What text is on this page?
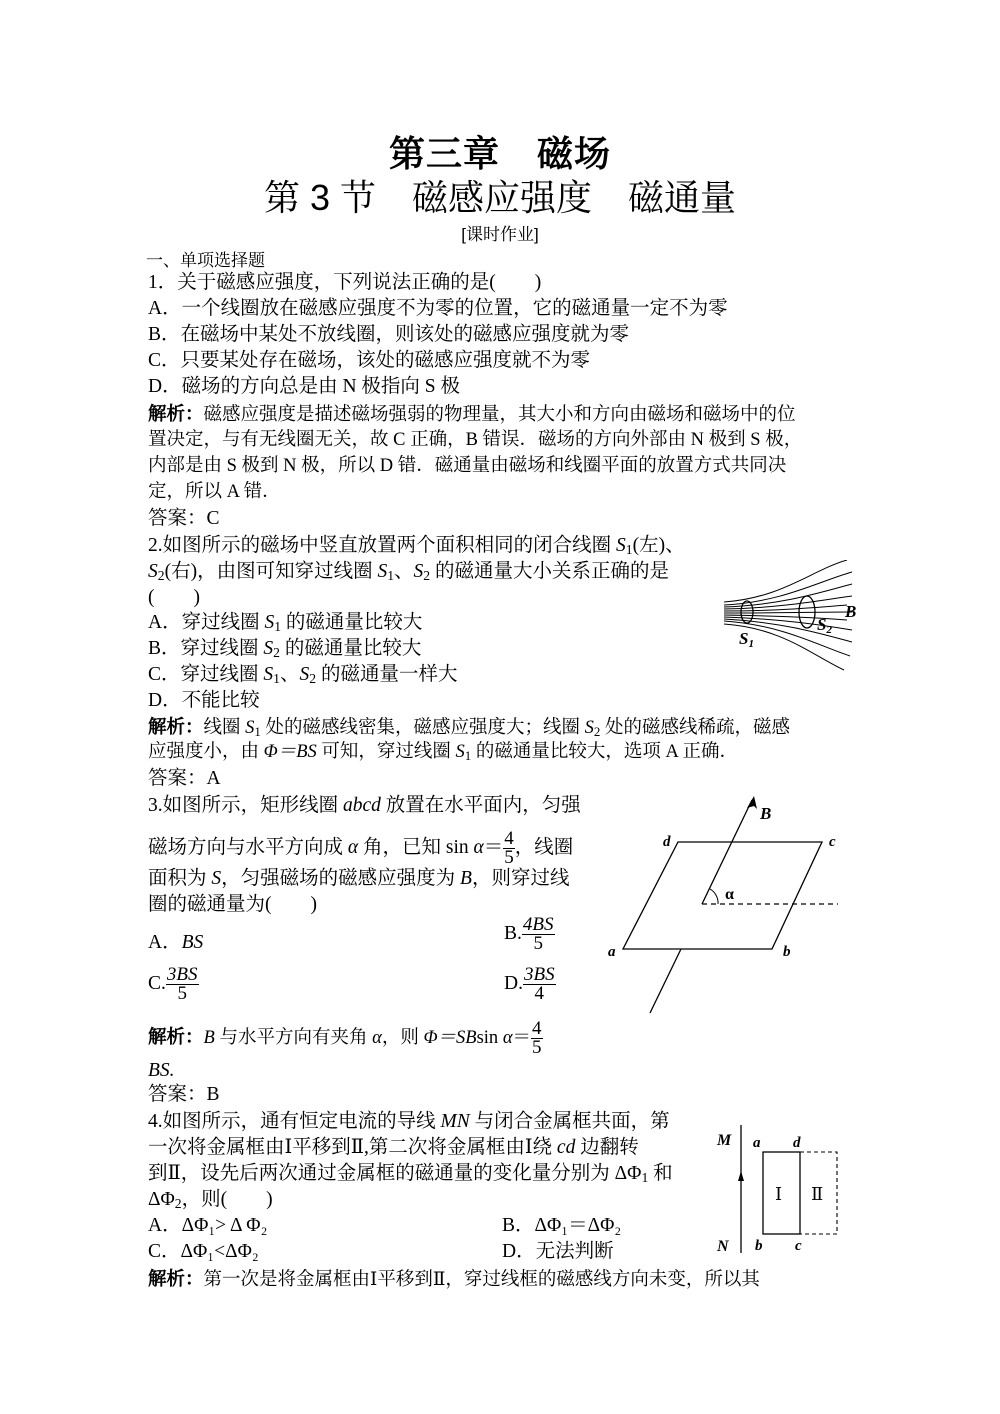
第三章　磁场
第 3 节　磁感应强度　磁通量
[课时作业]
一、单项选择题
1．关于磁感应强度，下列说法正确的是(　　)
A．一个线圈放在磁感应强度不为零的位置，它的磁通量一定不为零
B．在磁场中某处不放线圈，则该处的磁感应强度就为零
C．只要某处存在磁场，该处的磁感应强度就不为零
D．磁场的方向总是由 N 极指向 S 极
解析：磁感应强度是描述磁场强弱的物理量，其大小和方向由磁场和磁场中的位
置决定，与有无线圈无关，故 C 正确，B 错误．磁场的方向外部由 N 极到 S 极，
内部是由 S 极到 N 极，所以 D 错．磁通量由磁场和线圈平面的放置方式共同决
定，所以 A 错．
答案：C
2.如图所示的磁场中竖直放置两个面积相同的闭合线圈 $S_1$(左)、
$S_2$(右)，由图可知穿过线圈 $S_1$、$S_2$ 的磁通量大小关系正确的是
(　　)
A．穿过线圈 $S_1$ 的磁通量比较大
B．穿过线圈 $S_2$ 的磁通量比较大
C．穿过线圈 $S_1$、$S_2$ 的磁通量一样大
D．不能比较
解析：线圈 $S_1$ 处的磁感线密集，磁感应强度大；线圈 $S_2$ 处的磁感线稀疏，磁感
应强度小，由 Φ＝BS 可知，穿过线圈 $S_1$ 的磁通量比较大，选项 A 正确．
答案：A
B
S1
S2
3.如图所示，矩形线圈 abcd 放置在水平面内，匀强
磁场方向与水平方向成 α 角，已知 $\sin \alpha= \frac{4}{5}$ ，线圈
面积为 S，匀强磁场的磁感应强度为 B，则穿过线
圈的磁通量为(　　)
A．BS	B. $\frac{4BS}{5}$
C. $\frac{3BS}{5}$	D. $\frac{3BS}{4}$
解析：B 与水平方向有夹角 α，则 Φ＝SBsin $\alpha= \frac{4}{5}$
BS.
答案：B
B
α
d	c
a	b
4.如图所示，通有恒定电流的导线 MN 与闭合金属框共面，第
一次将金属框由Ⅰ平移到Ⅱ,第二次将金属框由Ⅰ绕 cd 边翻转
到Ⅱ，设先后两次通过金属框的磁通量的变化量分别为 $\Delta\Phi_1$ 和
$\Delta\Phi_2$，则(　　)
A．ΔΦ₁> Δ Φ₂	B．ΔΦ₁＝ΔΦ₂
C．ΔΦ₁<ΔΦ₂	D．无法判断
解析：第一次是将金属框由Ⅰ平移到Ⅱ，穿过线框的磁感线方向未变，所以其
M
N
a d
b c
Ⅰ Ⅱ
